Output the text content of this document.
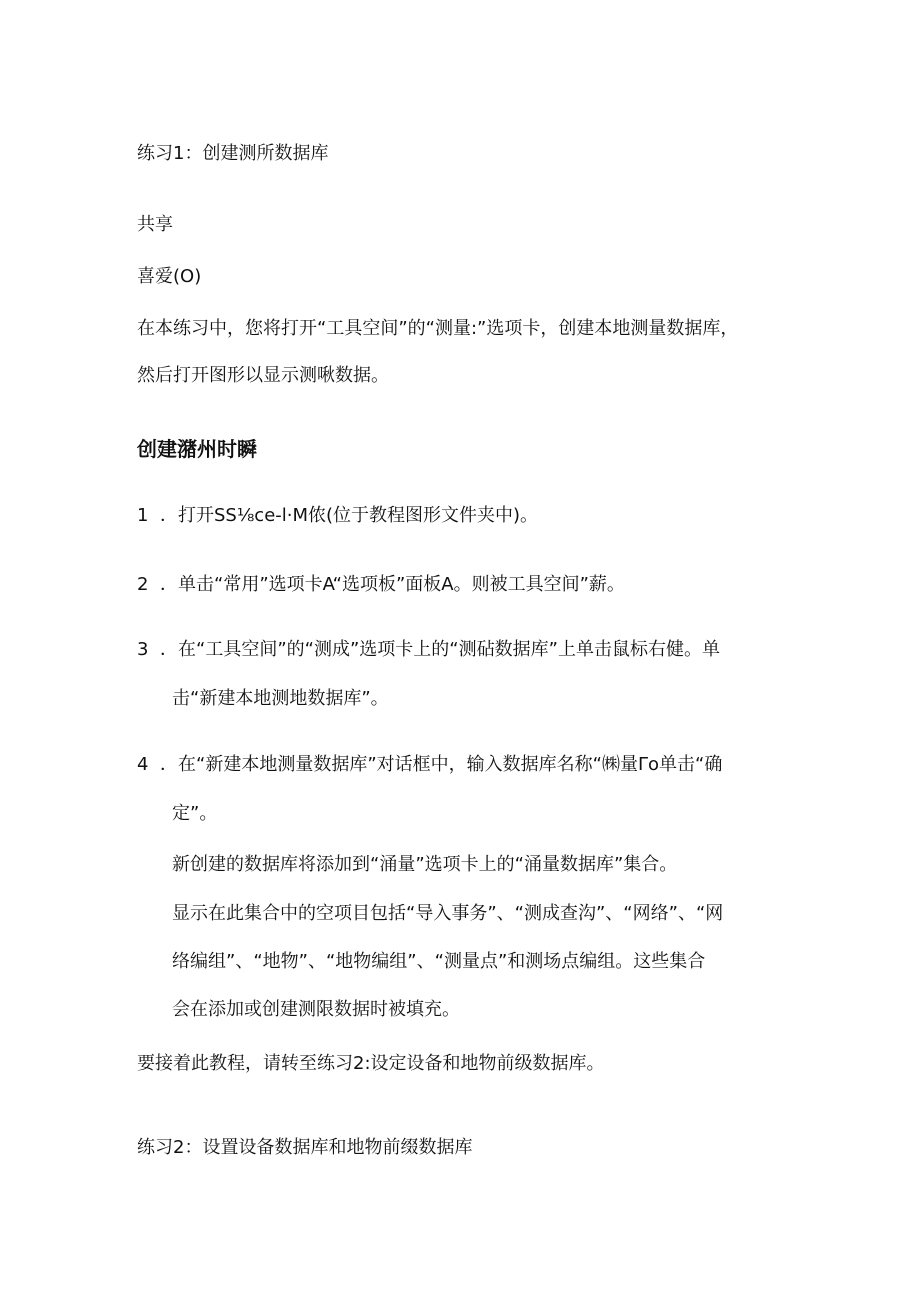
练习1：创建测所数据库
共享
喜爱(O)
在本练习中，您将打开“工具空间”的“测量:”选项卡，创建本地测量数据库，
然后打开图形以显示测啾数据。
创建潴州时瞬
1 ．打开SS⅛ce-l·M侬(位于教程图形文件夹中)。
2 ．单击“常用”选项卡A“选项板”面板A。则被工具空间”薪。
3 ．在“工具空间”的“测成”选项卡上的“测砧数据库”上单击鼠标右健。单
击“新建本地测地数据库”。
4 ．在“新建本地测量数据库”对话框中，输入数据库名称“㈱量Γo单击“确
定”。
新创建的数据库将添加到“涌量”选项卡上的“涌量数据库”集合。
显示在此集合中的空项目包括“导入事务”、“测成查沟”、“网络”、“网
络编组”、“地物”、“地物编组”、“测量点”和测场点编组。这些集合
会在添加或创建测限数据时被填充。
要接着此教程，请转至练习2:设定设备和地物前级数据库。
练习2：设置设备数据库和地物前缀数据库
